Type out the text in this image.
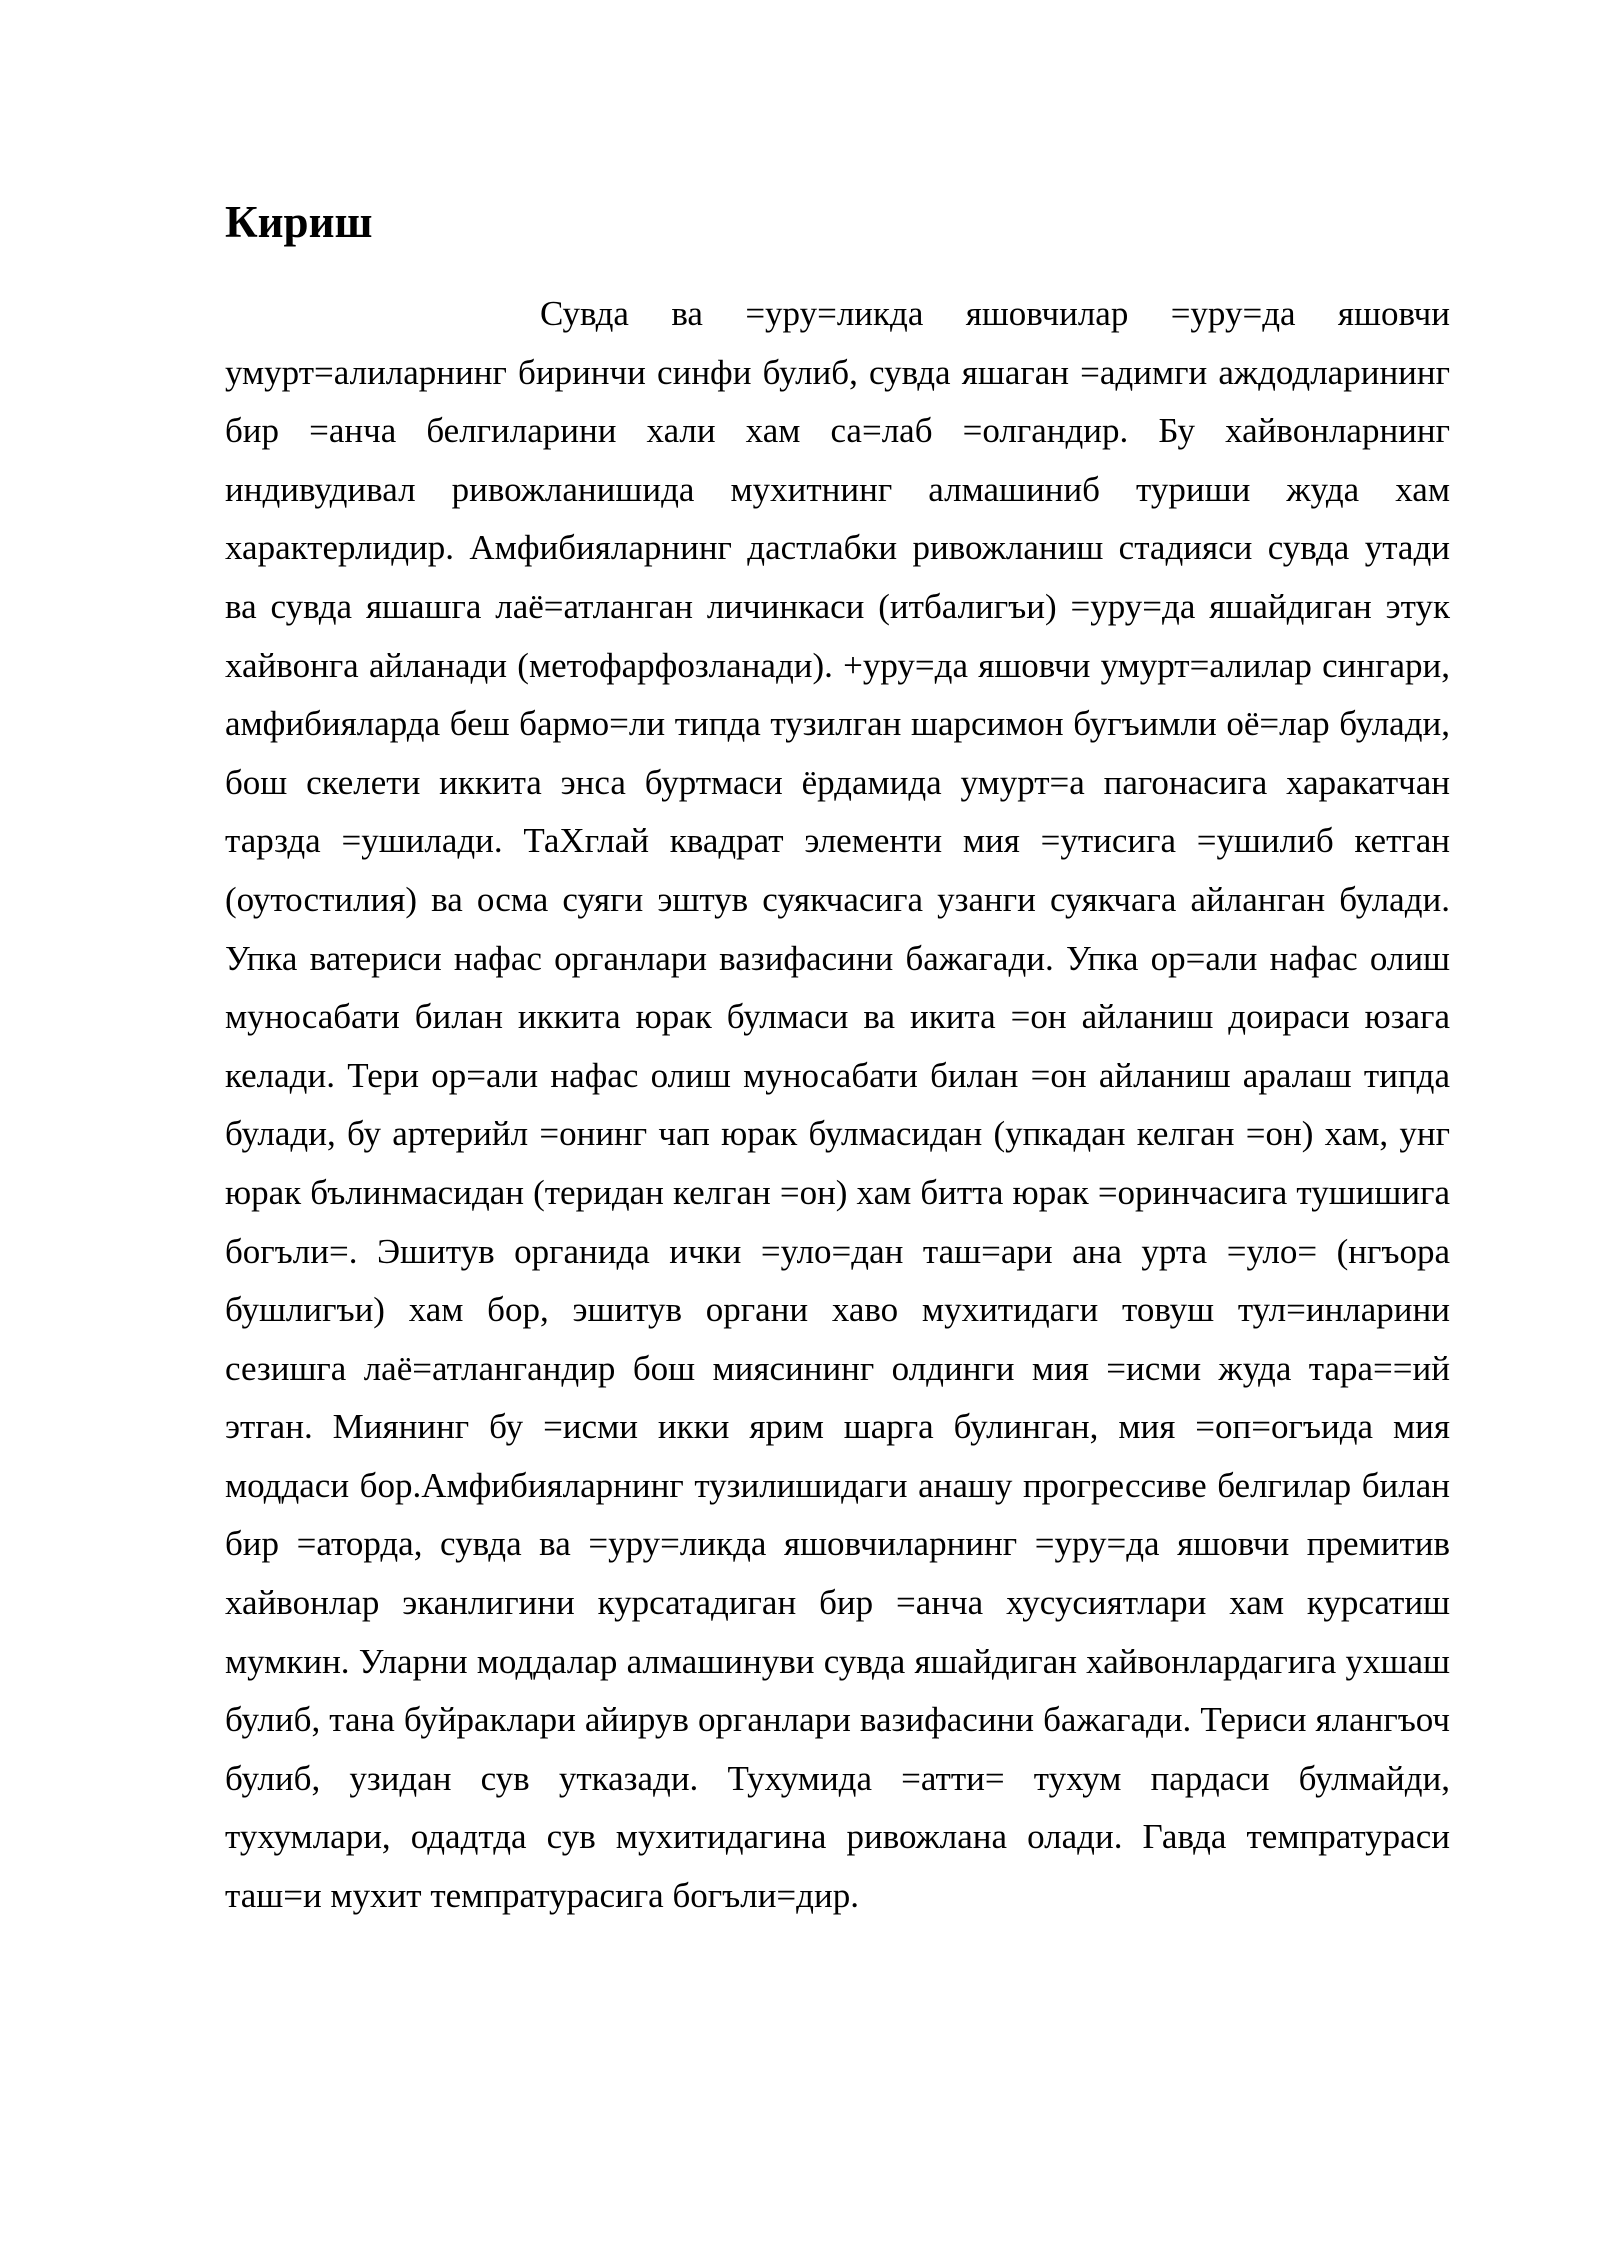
Кириш

Сувда ва =уру=ликда яшовчилар =уру=да яшовчи умурт=алиларнинг биринчи синфи булиб, сувда яшаган =адимги аждодларининг бир =анча белгиларини хали хам са=лаб =олгандир. Бу хайвонларнинг индивудивал ривожланишида мухитнинг алмашиниб туриши жуда хам характерлидир. Амфибияларнинг дастлабки ривожланиш стадияси сувда утади ва сувда яшашга лаё=атланган личинкаси (итбалигъи) =уру=да яшайдиган этук хайвонга айланади (метофарфозланади). +уру=да яшовчи умурт=алилар сингари, амфибияларда беш бармо=ли типда тузилган шарсимон бугъимли оё=лар булади, бош скелети иккита энса буртмаси ёрдамида умурт=а пагонасига харакатчан тарзда =ушилади. ТаХглай квадрат элементи мия =утисига =ушилиб кетган (оутостилия) ва осма суяги эштув суякчасига узанги суякчага айланган булади. Упка ватериси нафас органлари вазифасини бажагади. Упка ор=али нафас олиш муносабати билан иккита юрак булмаси ва икита =он айланиш доираси юзага келади. Тери ор=али нафас олиш муносабати билан =он айланиш аралаш типда булади, бу артерийл =онинг чап юрак булмасидан (упкадан келган =он) хам, унг юрак бълинмасидан (теридан келган =он) хам битта юрак =оринчасига тушишига богъли=. Эшитув органида ички =уло=дан таш=ари ана урта =уло= (нгъора бушлигъи) хам бор, эшитув органи хаво мухитидаги товуш тул=инларини сезишга лаё=атлангандир бош миясининг олдинги мия =исми жуда тара==ий этган. Миянинг бу =исми икки ярим шарга булинган, мия =оп=огъида мия моддаси бор.Амфибияларнинг тузилишидаги анашу прогрессиве белгилар билан бир =аторда, сувда ва =уру=ликда яшовчиларнинг =уру=да яшовчи премитив хайвонлар эканлигини курсатадиган бир =анча хусусиятлари хам курсатиш мумкин. Уларни моддалар алмашинуви сувда яшайдиган хайвонлардагига ухшаш булиб, тана буйраклари айирув органлари вазифасини бажагади. Териси ялангъоч булиб, узидан сув утказади. Тухумида =атти= тухум пардаси булмайди, тухумлари, одадтда сув мухитидагина ривожлана олади. Гавда темпратураси таш=и мухит темпратурасига богъли=дир.
